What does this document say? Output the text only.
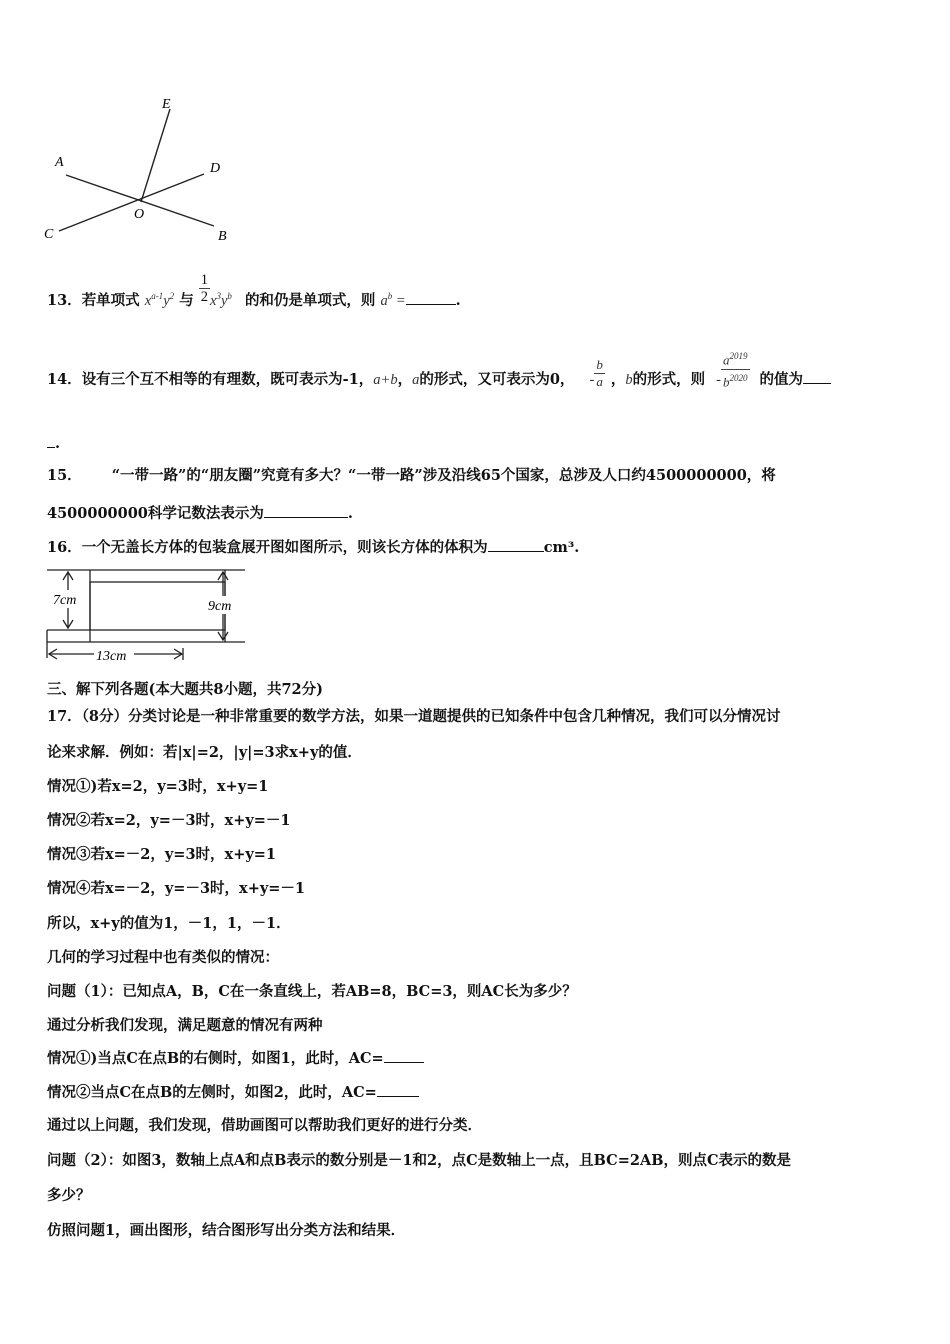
E
A	D
O
C	B
13．若单项式 $x^{a-1}y^2$ 与 $\frac{1}{2} x^3y^b$ 的和仍是单项式，则 $a^b$ =	.
14．设有三个互不相等的有理数，既可表示为-1，a+b，a的形式，又可表示为0， - $\frac{b}{a}$ ，b的形式，则 - $\frac{a^{2019}}{b^{2020}}$ 的值为
.
15． “一带一路”的“朋友圈”究竟有多大？“一带一路”涉及沿线65个国家，总涉及人口约4500000000，将
4500000000科学记数法表示为	.
16．一个无盖长方体的包装盒展开图如图所示，则该长方体的体积为	cm³.
7cm	9cm
13cm
三、解下列各题(本大题共8小题，共72分)
17．（8分）分类讨论是一种非常重要的数学方法，如果一道题提供的已知条件中包含几种情况，我们可以分情况讨
论来求解．例如：若|x|=2，|y|=3求x+y的值．
情况①)若x=2，y=3时，x+y=1
情况②若x=2，y=－3时，x+y=－1
情况③若x=－2，y=3时，x+y=1
情况④若x=－2，y=－3时，x+y=－1
所以，x+y的值为1，－1，1，－1．
几何的学习过程中也有类似的情况：
问题（1）：已知点A，B，C在一条直线上，若AB=8，BC=3，则AC长为多少？
通过分析我们发现，满足题意的情况有两种
情况①)当点C在点B的右侧时，如图1，此时，AC=
情况②当点C在点B的左侧时，如图2，此时，AC=
通过以上问题，我们发现，借助画图可以帮助我们更好的进行分类．
问题（2）：如图3，数轴上点A和点B表示的数分别是－1和2，点C是数轴上一点，且BC=2AB，则点C表示的数是
多少？
仿照问题1，画出图形，结合图形写出分类方法和结果．
